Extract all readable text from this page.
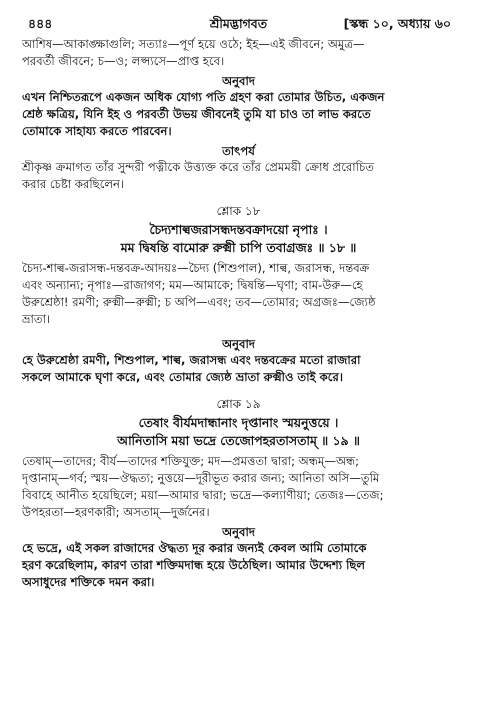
৪৪৪	শ্রীমদ্ভাগবত	[স্কন্ধ ১০, অধ্যায় ৬০

আশিষ—আকাঙ্ক্ষাগুলি; সত্যাঃ—পূর্ণ হয়ে ওঠে; ইহ—এই জীবনে; অমুত্র—

পরবর্তী জীবনে; চ—ও; লপ্স্যসে—প্রাপ্ত হবে।

অনুবাদ

এখন নিশ্চিতরূপে একজন অধিক যোগ্য পতি গ্রহণ করা তোমার উচিত, একজন

শ্রেষ্ঠ ক্ষত্রিয়, যিনি ইহ ও পরবর্তী উভয় জীবনেই তুমি যা চাও তা লাভ করতে

তোমাকে সাহায্য করতে পারবেন।

তাৎপর্য

শ্রীকৃষ্ণ ক্রমাগত তাঁর সুন্দরী পত্নীকে উত্ত্যক্ত করে তাঁর প্রেমময়ী ক্রোধ প্ররোচিত

করার চেষ্টা করছিলেন।

শ্লোক ১৮

চৈদ্যশাল্বজরাসন্ধদন্তবক্রাদয়ো নৃপাঃ ।

মম দ্বিষন্তি বামোরু রুক্মী চাপি তবাগ্রজঃ ॥ ১৮ ॥

চৈদ্য-শাল্ব-জরাসন্ধ-দন্তবক্র-আদয়ঃ—চৈদ্য (শিশুপাল), শাল্ব, জরাসন্ধ, দন্তবক্র

এবং অন্যান্য; নৃপাঃ—রাজাগণ; মম—আমাকে; দ্বিষন্তি—ঘৃণা; বাম-উরু—হে

উরুশ্রেষ্ঠা! রমণী; রুক্মী—রুক্মী; চ অপি—এবং; তব—তোমার; অগ্রজঃ—জ্যেষ্ঠ

ভ্রাতা।

অনুবাদ

হে উরুশ্রেষ্ঠা রমণী, শিশুপাল, শাল্ব, জরাসন্ধ এবং দন্তবক্রের মতো রাজারা

সকলে আমাকে ঘৃণা করে, এবং তোমার জ্যেষ্ঠ ভ্রাতা রুক্মীও তাই করে।

শ্লোক ১৯

তেষাং বীর্যমদান্ধানাং দৃপ্তানাং স্ময়নুত্তয়ে ।

আনিতাসি ময়া ভদ্রে তেজোপহরতাসতাম্ ॥ ১৯ ॥

তেষাম্—তাদের; বীর্য—তাদের শক্তিযুক্ত; মদ—প্রমত্ততা দ্বারা; অন্ধম্—অন্ধ;

দৃপ্তানাম্—গর্ব; স্ময়—ঔদ্ধত্য; নুত্তয়ে—দূরীভূত করার জন্য; আনিতা অসি—তুমি

বিবাহে আনীত হয়েছিলে; ময়া—আমার দ্বারা; ভদ্রে—কল্যাণীয়া; তেজঃ—তেজ;

উপহরতা—হরণকারী; অসতাম্—দুর্জনের।

অনুবাদ

হে ভদ্রে, এই সকল রাজাদের ঔদ্ধত্য দূর করার জন্যই কেবল আমি তোমাকে

হরণ করেছিলাম, কারণ তারা শক্তিমদান্ধ হয়ে উঠেছিল। আমার উদ্দেশ্য ছিল

অসাধুদের শক্তিকে দমন করা।
